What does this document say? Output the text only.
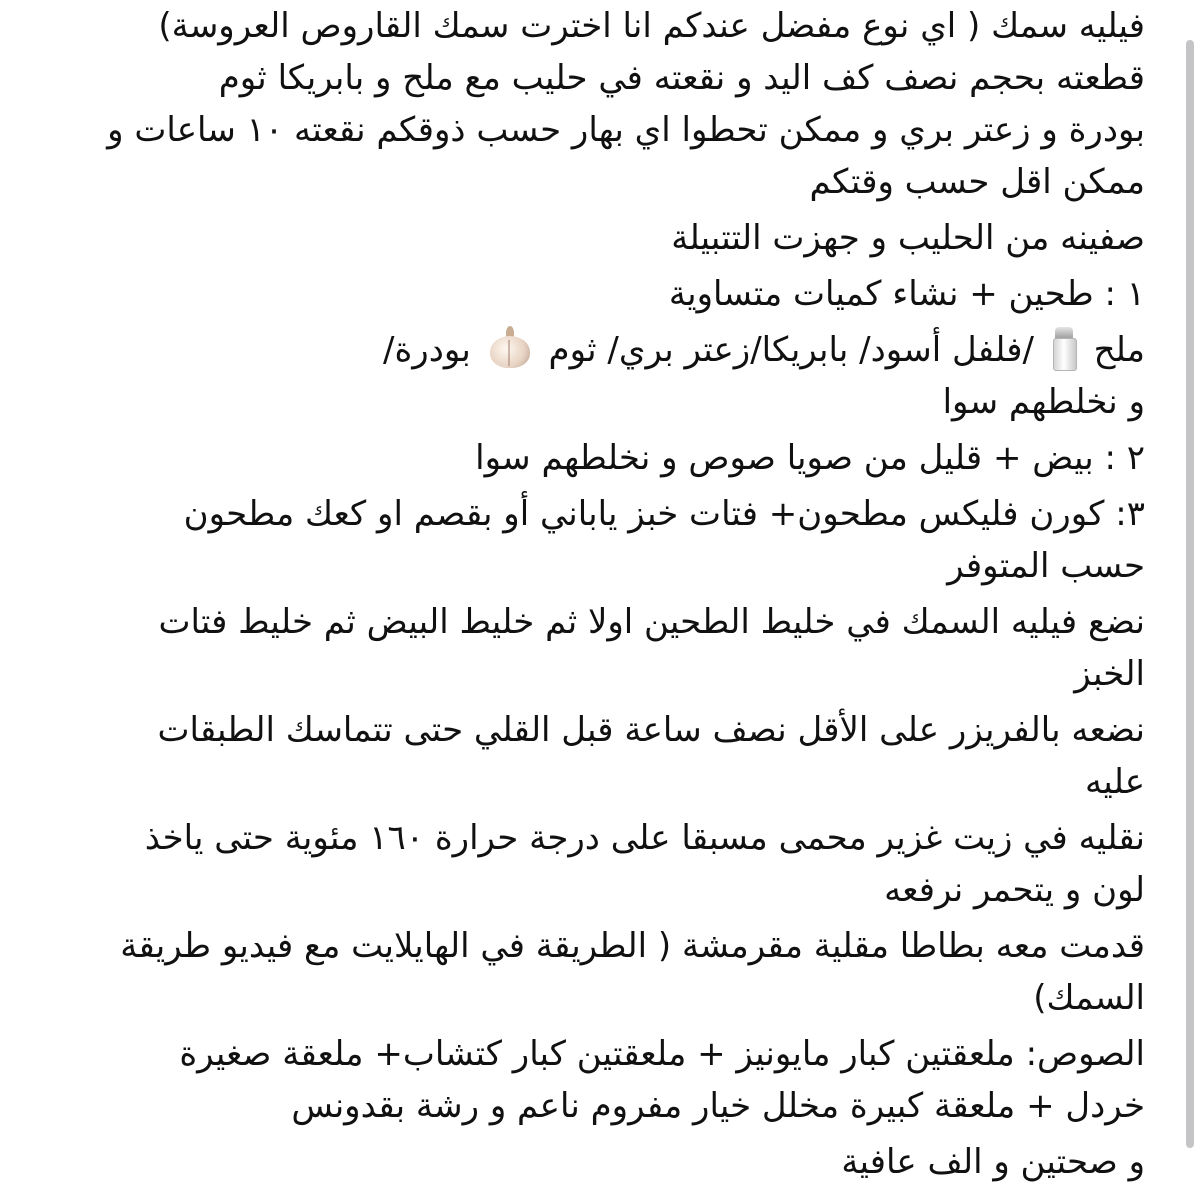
فيليه سمك ( اي نوع مفضل عندكم انا اخترت سمك القاروص العروسة)

قطعته بحجم نصف كف اليد و نقعته في حليب مع ملح و بابريكا ثوم

بودرة و زعتر بري و ممكن تحطوا اي بهار حسب ذوقكم نقعته ١٠ ساعات و

ممكن اقل حسب وقتكم

صفينه من الحليب و جهزت التتبيلة

١ : طحين + نشاء كميات متساوية

ملح
/فلفل أسود/ بابريكا/زعتر بري/ ثوم
بودرة/

و نخلطهم سوا

٢ : بيض + قليل من صويا صوص و نخلطهم سوا

٣: كورن فليكس مطحون+ فتات خبز ياباني أو بقصم او كعك مطحون

حسب المتوفر

نضع فيليه السمك في خليط الطحين اولا ثم خليط البيض ثم خليط فتات

الخبز

نضعه بالفريزر على الأقل نصف ساعة قبل القلي حتى تتماسك الطبقات

عليه

نقليه في زيت غزير محمى مسبقا على درجة حرارة ١٦٠ مئوية حتى ياخذ

لون و يتحمر نرفعه

قدمت معه بطاطا مقلية مقرمشة ( الطريقة في الهايلايت مع فيديو طريقة

السمك)

الصوص: ملعقتين كبار مايونيز + ملعقتين كبار كتشاب+ ملعقة صغيرة

خردل + ملعقة كبيرة مخلل خيار مفروم ناعم و رشة بقدونس

و صحتين و الف عافية
